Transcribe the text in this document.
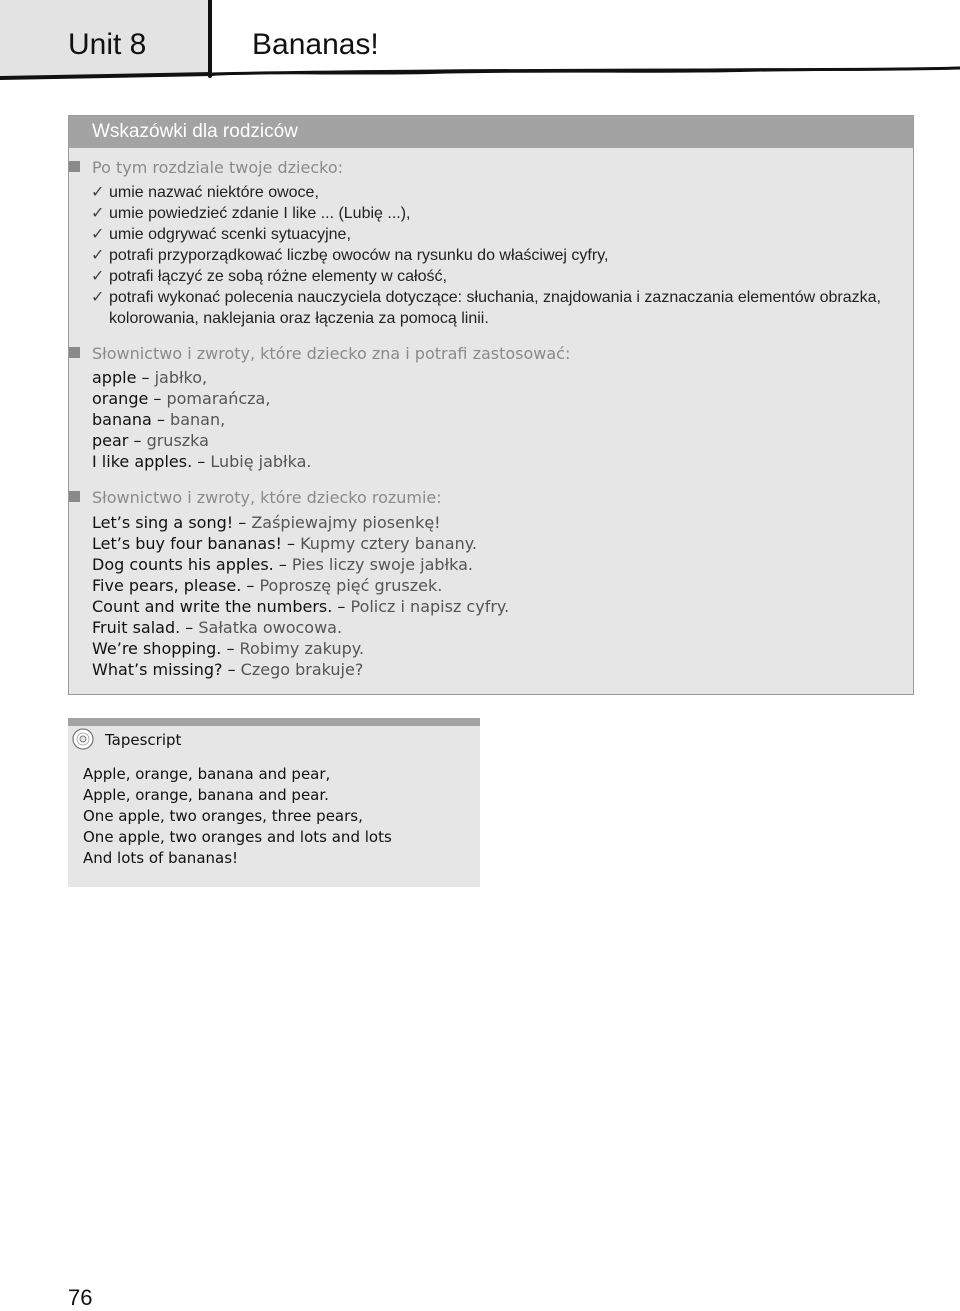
Unit 8	Bananas!
Wskazówki dla rodziców
Po tym rozdziale twoje dziecko:
✓ umie nazwać niektóre owoce,
✓ umie powiedzieć zdanie I like ... (Lubię ...),
✓ umie odgrywać scenki sytuacyjne,
✓ potrafi przyporządkować liczbę owoców na rysunku do właściwej cyfry,
✓ potrafi łączyć ze sobą różne elementy w całość,
✓ potrafi wykonać polecenia nauczyciela dotyczące: słuchania, znajdowania i zaznaczania elementów obrazka, kolorowania, naklejania oraz łączenia za pomocą linii.
Słownictwo i zwroty, które dziecko zna i potrafi zastosować:
apple – jabłko,
orange – pomarańcza,
banana – banan,
pear – gruszka
I like apples. – Lubię jabłka.
Słownictwo i zwroty, które dziecko rozumie:
Let’s sing a song! – Zaśpiewajmy piosenkę!
Let’s buy four bananas! – Kupmy cztery banany.
Dog counts his apples. – Pies liczy swoje jabłka.
Five pears, please. – Poproszę pięć gruszek.
Count and write the numbers. – Policz i napisz cyfry.
Fruit salad. – Sałatka owocowa.
We’re shopping. – Robimy zakupy.
What’s missing? – Czego brakuje?
Tapescript
Apple, orange, banana and pear,
Apple, orange, banana and pear.
One apple, two oranges, three pears,
One apple, two oranges and lots and lots
And lots of bananas!
76
